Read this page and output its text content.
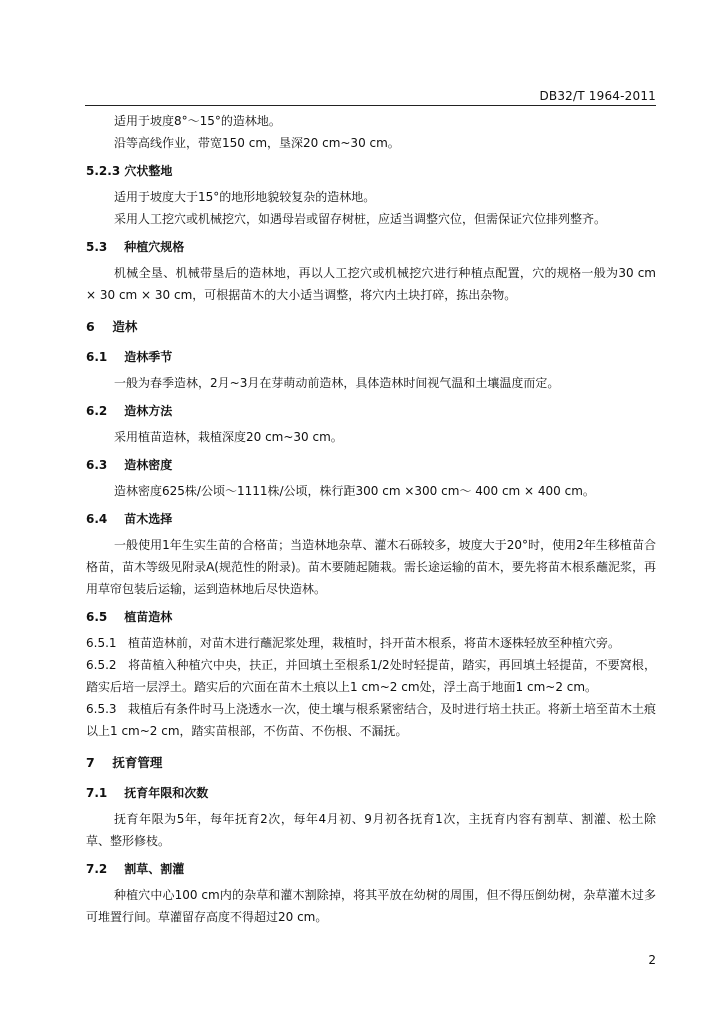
DB32/T 1964-2011

适用于坡度8°～15°的造林地。

沿等高线作业，带宽150 cm，垦深20 cm~30 cm。

5.2.3 穴状整地

适用于坡度大于15°的地形地貌较复杂的造林地。

采用人工挖穴或机械挖穴，如遇母岩或留存树桩，应适当调整穴位，但需保证穴位排列整齐。

5.3 种植穴规格

机械全垦、机械带垦后的造林地，再以人工挖穴或机械挖穴进行种植点配置，穴的规格一般为30 cm × 30 cm × 30 cm，可根据苗木的大小适当调整，将穴内土块打碎，拣出杂物。

6 造林
6.1 造林季节

一般为春季造林，2月~3月在芽萌动前造林，具体造林时间视气温和土壤温度而定。

6.2 造林方法

采用植苗造林，栽植深度20 cm~30 cm。

6.3 造林密度

造林密度625株/公顷～1111株/公顷，株行距300 cm ×300 cm～ 400 cm × 400 cm。

6.4 苗木选择

一般使用1年生实生苗的合格苗；当造林地杂草、灌木石砾较多，坡度大于20°时，使用2年生移植苗合格苗，苗木等级见附录A(规范性的附录)。苗木要随起随栽。需长途运输的苗木，要先将苗木根系蘸泥浆，再用草帘包装后运输，运到造林地后尽快造林。

6.5 植苗造林

6.5.1 植苗造林前，对苗木进行蘸泥浆处理，栽植时，抖开苗木根系，将苗木逐株轻放至种植穴旁。

6.5.2 将苗植入种植穴中央，扶正，并回填土至根系1/2处时轻提苗，踏实，再回填土轻提苗，不要窝根，踏实后培一层浮土。踏实后的穴面在苗木土痕以上1 cm~2 cm处，浮土高于地面1 cm~2 cm。

6.5.3 栽植后有条件时马上浇透水一次，使土壤与根系紧密结合，及时进行培土扶正。将新土培至苗木土痕以上1 cm~2 cm，踏实苗根部，不伤苗、不伤根、不漏抚。

7 抚育管理
7.1 抚育年限和次数

抚育年限为5年，每年抚育2次，每年4月初、9月初各抚育1次，主抚育内容有割草、割灌、松土除草、整形修枝。

7.2 割草、割灌

种植穴中心100 cm内的杂草和灌木割除掉，将其平放在幼树的周围，但不得压倒幼树，杂草灌木过多可堆置行间。草灌留存高度不得超过20 cm。

2
